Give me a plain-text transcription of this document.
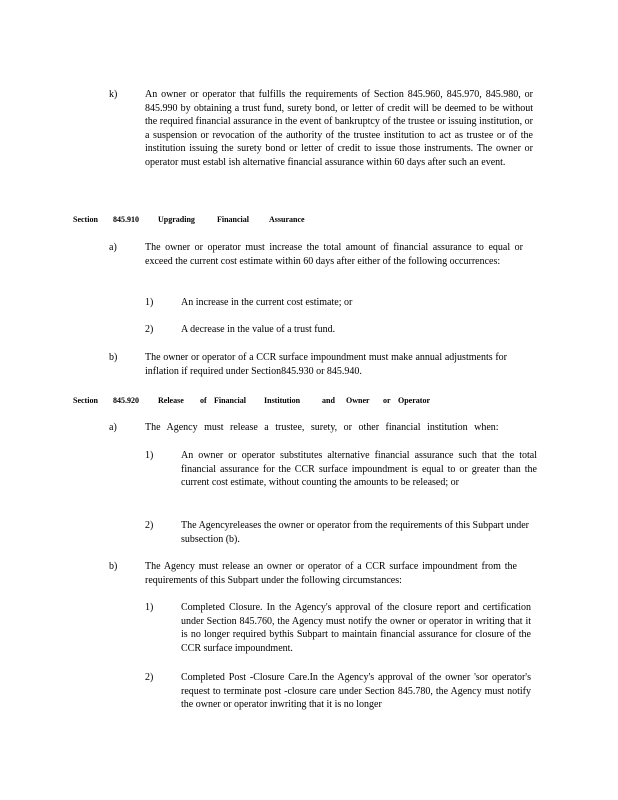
k)	An owner or operator that fulfills the requirements of Section 845.960, 845.970, 845.980, or 845.990 by obtaining a trust fund, surety bond, or letter of credit will be deemed to be without the required financial assurance in the event of bankruptcy of the trustee or issuing institution, or a suspension or revocation of the authority of the trustee institution to act as trustee or of the institution issuing the surety bond or letter of credit to issue those instruments. The owner or operator must establ ish alternative financial assurance within 60 days after such an event.

Section 845.910 Upgrading	Financial Assurance
a)	The owner or operator must increase the total amount of financial assurance to equal or exceed the current cost estimate within 60 days after either of the following occurrences:

1)	An increase in the current cost estimate; or

2)	A decrease in the value of a trust fund.

b)	The owner or operator of a CCR surface impoundment must make annual adjustments for inflation if required under Section845.930 or 845.940.

Section 845.920 Release of Financial Institution	and Owner or Operator
a)	The Agency must release a trustee, surety, or other financial institution when:

1)	An owner or operator substitutes alternative financial assurance such that the total financial assurance for the CCR surface impoundment is equal to or greater than the current cost estimate, without counting the amounts to be released; or

2)	The Agencyreleases the owner or operator from the requirements of this Subpart under subsection (b).

b)	The Agency must release an owner or operator of a CCR surface impoundment from the requirements of this Subpart under the following circumstances:

1)	Completed Closure. In the Agency's approval of the closure report and certification under Section 845.760, the Agency must notify the owner or operator in writing that it is no longer required bythis Subpart to maintain financial assurance for closure of the CCR surface impoundment.

2)	Completed Post -Closure Care.In the Agency's approval of the owner 'sor operator's request to terminate post -closure care under Section 845.780, the Agency must notify the owner or operator inwriting that it is no longer
